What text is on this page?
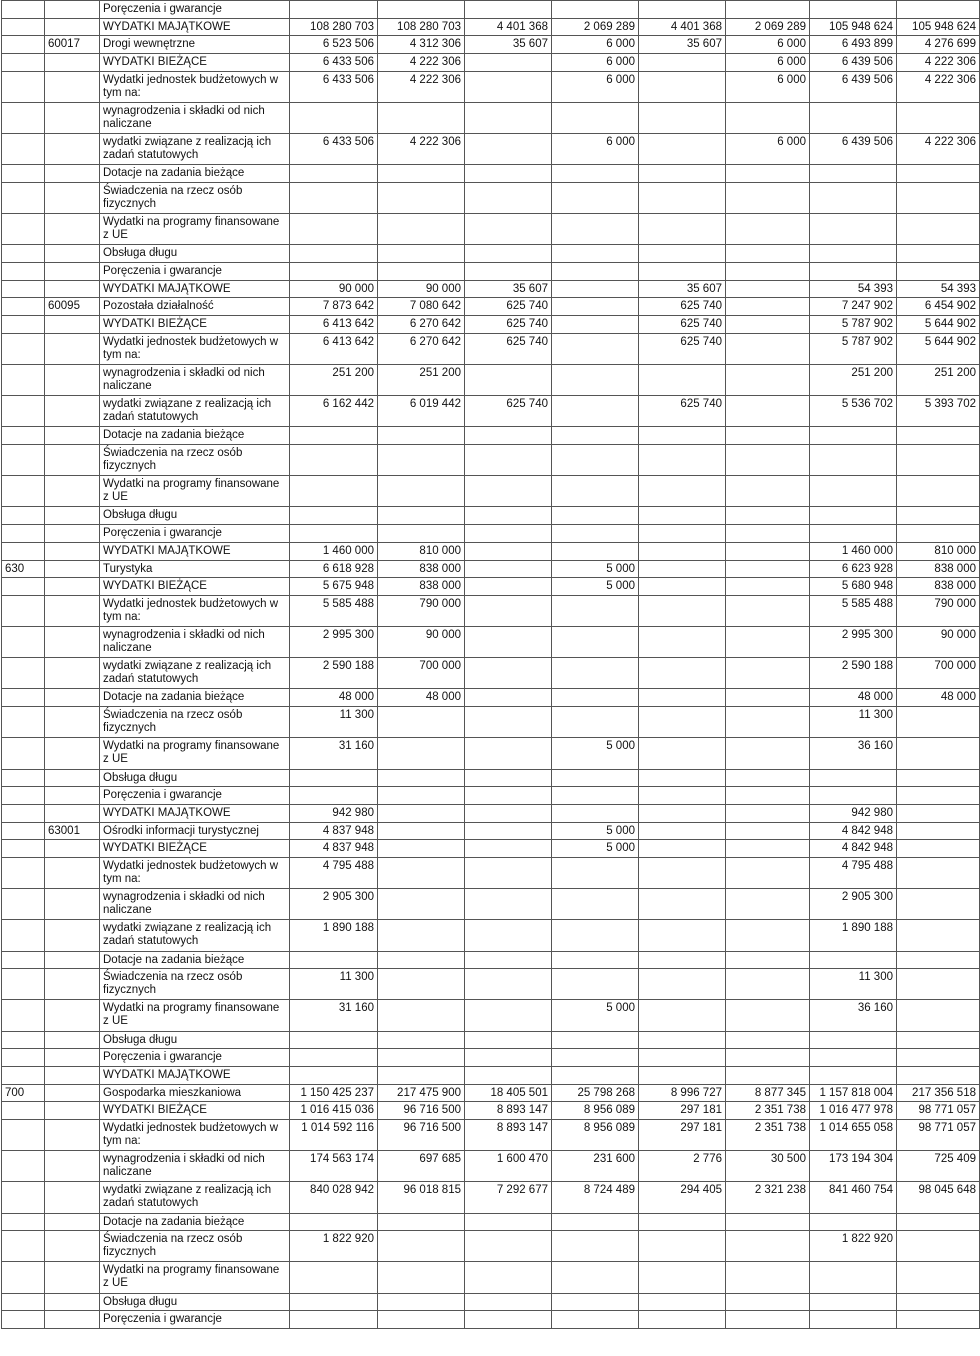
		Poręczenia i gwarancje								
		WYDATKI MAJĄTKOWE	108 280 703	108 280 703	4 401 368	2 069 289	4 401 368	2 069 289	105 948 624	105 948 624
	60017	Drogi wewnętrzne	6 523 506	4 312 306	35 607	6 000	35 607	6 000	6 493 899	4 276 699
		WYDATKI BIEŻĄCE	6 433 506	4 222 306		6 000		6 000	6 439 506	4 222 306
		Wydatki jednostek budżetowych w tym na:	6 433 506	4 222 306		6 000		6 000	6 439 506	4 222 306
		wynagrodzenia i składki od nich naliczane								
		wydatki związane z realizacją ich zadań statutowych	6 433 506	4 222 306		6 000		6 000	6 439 506	4 222 306
		Dotacje na zadania bieżące								
		Świadczenia na rzecz osób fizycznych								
		Wydatki na programy finansowane z UE								
		Obsługa długu								
		Poręczenia i gwarancje								
		WYDATKI MAJĄTKOWE	90 000	90 000	35 607		35 607		54 393	54 393
	60095	Pozostała działalność	7 873 642	7 080 642	625 740		625 740		7 247 902	6 454 902
		WYDATKI BIEŻĄCE	6 413 642	6 270 642	625 740		625 740		5 787 902	5 644 902
		Wydatki jednostek budżetowych w tym na:	6 413 642	6 270 642	625 740		625 740		5 787 902	5 644 902
		wynagrodzenia i składki od nich naliczane	251 200	251 200					251 200	251 200
		wydatki związane z realizacją ich zadań statutowych	6 162 442	6 019 442	625 740		625 740		5 536 702	5 393 702
		Dotacje na zadania bieżące								
		Świadczenia na rzecz osób fizycznych								
		Wydatki na programy finansowane z UE								
		Obsługa długu								
		Poręczenia i gwarancje								
		WYDATKI MAJĄTKOWE	1 460 000	810 000					1 460 000	810 000
630		Turystyka	6 618 928	838 000		5 000			6 623 928	838 000
		WYDATKI BIEŻĄCE	5 675 948	838 000		5 000			5 680 948	838 000
		Wydatki jednostek budżetowych w tym na:	5 585 488	790 000					5 585 488	790 000
		wynagrodzenia i składki od nich naliczane	2 995 300	90 000					2 995 300	90 000
		wydatki związane z realizacją ich zadań statutowych	2 590 188	700 000					2 590 188	700 000
		Dotacje na zadania bieżące	48 000	48 000					48 000	48 000
		Świadczenia na rzecz osób fizycznych	11 300						11 300	
		Wydatki na programy finansowane z UE	31 160			5 000			36 160	
		Obsługa długu								
		Poręczenia i gwarancje								
		WYDATKI MAJĄTKOWE	942 980						942 980	
	63001	Ośrodki informacji turystycznej	4 837 948			5 000			4 842 948	
		WYDATKI BIEŻĄCE	4 837 948			5 000			4 842 948	
		Wydatki jednostek budżetowych w tym na:	4 795 488						4 795 488	
		wynagrodzenia i składki od nich naliczane	2 905 300						2 905 300	
		wydatki związane z realizacją ich zadań statutowych	1 890 188						1 890 188	
		Dotacje na zadania bieżące								
		Świadczenia na rzecz osób fizycznych	11 300						11 300	
		Wydatki na programy finansowane z UE	31 160			5 000			36 160	
		Obsługa długu								
		Poręczenia i gwarancje								
		WYDATKI MAJĄTKOWE								
700		Gospodarka mieszkaniowa	1 150 425 237	217 475 900	18 405 501	25 798 268	8 996 727	8 877 345	1 157 818 004	217 356 518
		WYDATKI BIEŻĄCE	1 016 415 036	96 716 500	8 893 147	8 956 089	297 181	2 351 738	1 016 477 978	98 771 057
		Wydatki jednostek budżetowych w tym na:	1 014 592 116	96 716 500	8 893 147	8 956 089	297 181	2 351 738	1 014 655 058	98 771 057
		wynagrodzenia i składki od nich naliczane	174 563 174	697 685	1 600 470	231 600	2 776	30 500	173 194 304	725 409
		wydatki związane z realizacją ich zadań statutowych	840 028 942	96 018 815	7 292 677	8 724 489	294 405	2 321 238	841 460 754	98 045 648
		Dotacje na zadania bieżące								
		Świadczenia na rzecz osób fizycznych	1 822 920						1 822 920	
		Wydatki na programy finansowane z UE								
		Obsługa długu								
		Poręczenia i gwarancje								
